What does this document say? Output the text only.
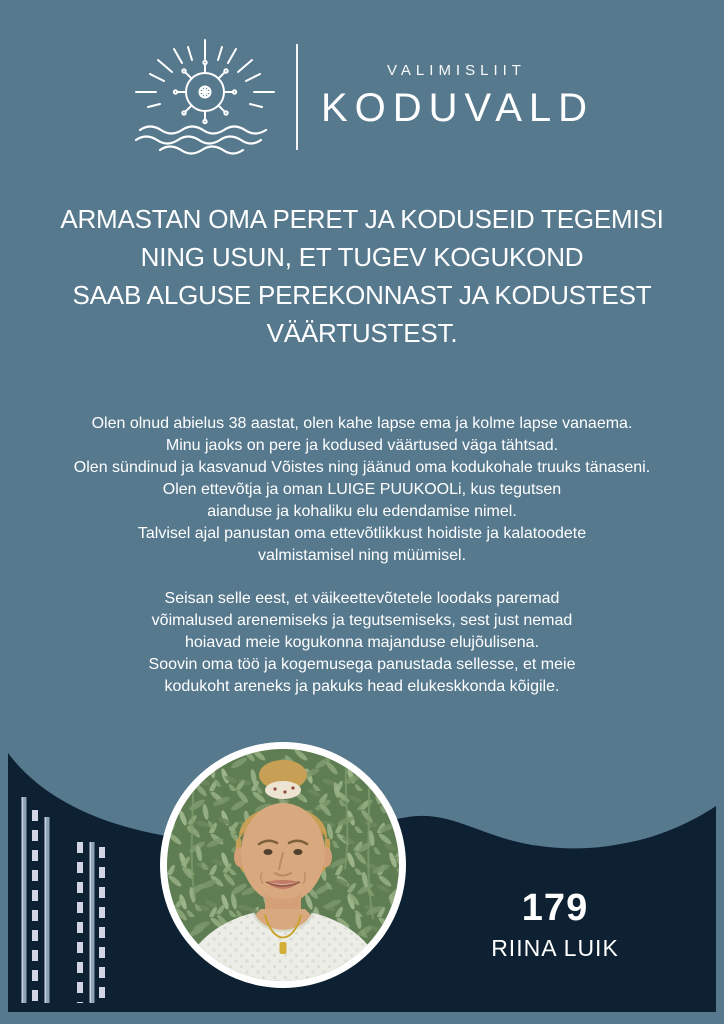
VALIMISLIIT
KODUVALD
ARMASTAN OMA PERET JA KODUSEID TEGEMISI
NING USUN, ET TUGEV KOGUKOND
SAAB ALGUSE PEREKONNAST JA KODUSTEST
VÄÄRTUSTEST.

Olen olnud abielus 38 aastat, olen kahe lapse ema ja kolme lapse vanaema.
Minu jaoks on pere ja kodused väärtused väga tähtsad.
Olen sündinud ja kasvanud Võistes ning jäänud oma kodukohale truuks tänaseni.
Olen ettevõtja ja oman LUIGE PUUKOOLi, kus tegutsen
aianduse ja kohaliku elu edendamise nimel.
Talvisel ajal panustan oma ettevõtlikkust hoidiste ja kalatoodete
valmistamisel ning müümisel.

Seisan selle eest, et väikeettevõtetele loodaks paremad
võimalused arenemiseks ja tegutsemiseks, sest just nemad
hoiavad meie kogukonna majanduse elujõulisena.
Soovin oma töö ja kogemusega panustada sellesse, et meie
kodukoht areneks ja pakuks head elukeskkonda kõigile.

179
RIINA LUIK
